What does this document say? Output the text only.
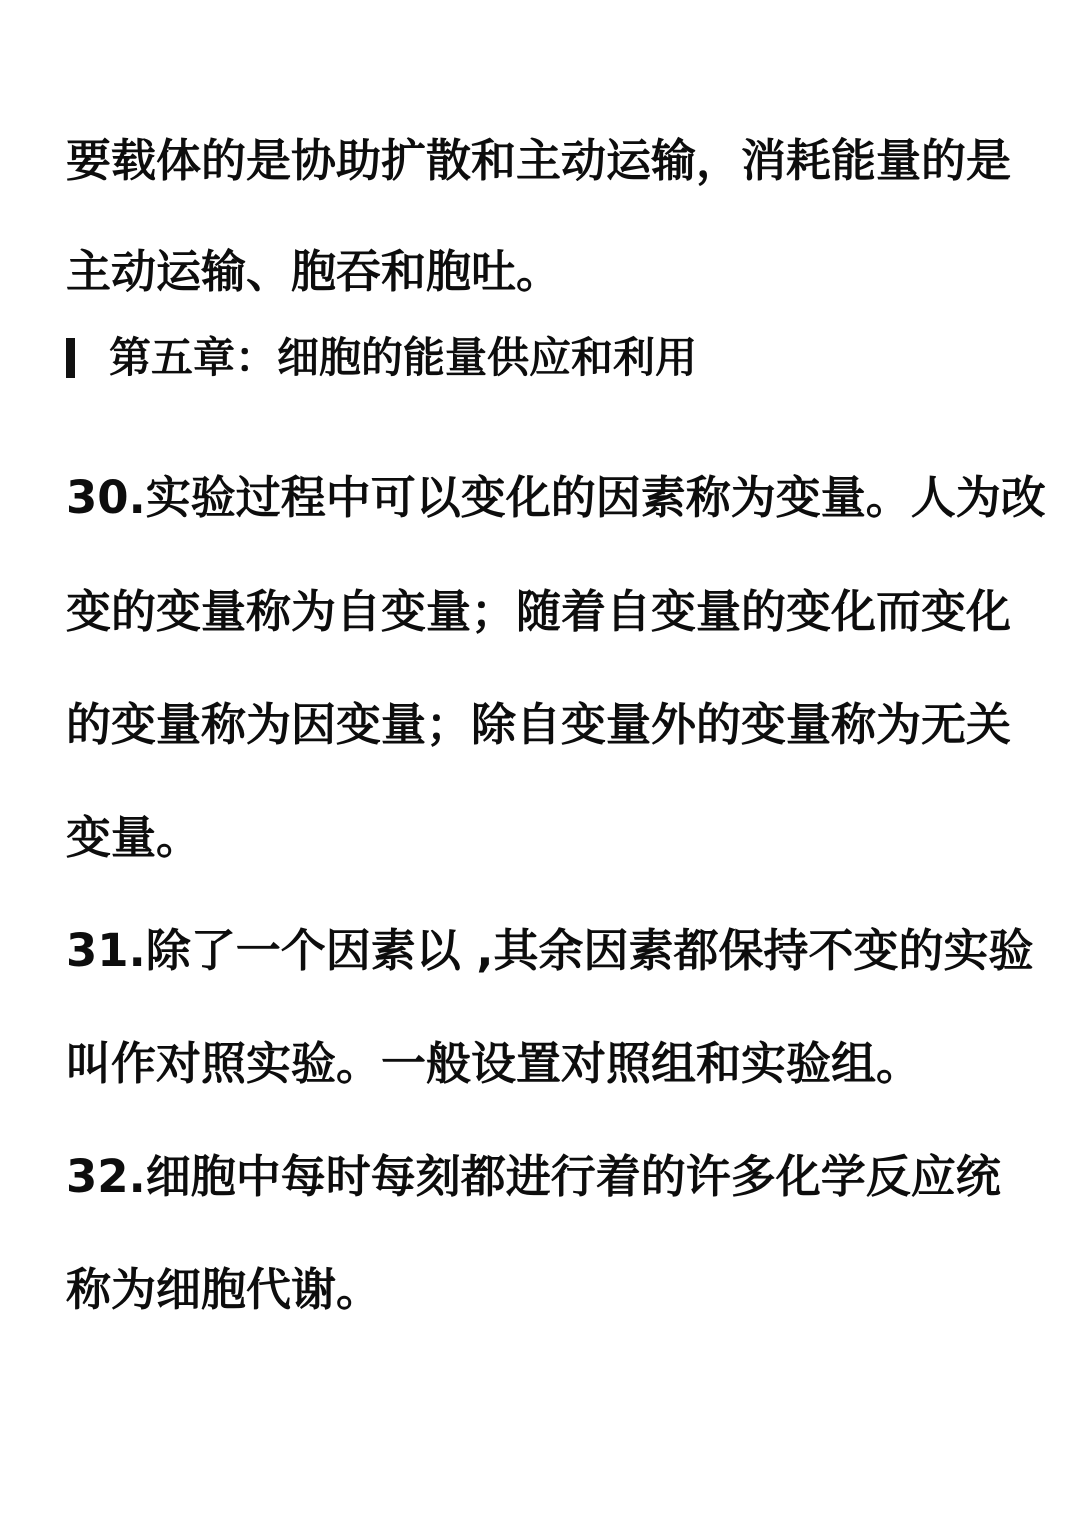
要载体的是协助扩散和主动运输，消耗能量的是
主动运输、胞吞和胞吐。
第五章：细胞的能量供应和利用
30.实验过程中可以变化的因素称为变量。人为改
变的变量称为自变量；随着自变量的变化而变化
的变量称为因变量；除自变量外的变量称为无关
变量。
31.除了一个因素以 ,其余因素都保持不变的实验
叫作对照实验。一般设置对照组和实验组。
32.细胞中每时每刻都进行着的许多化学反应统
称为细胞代谢。
